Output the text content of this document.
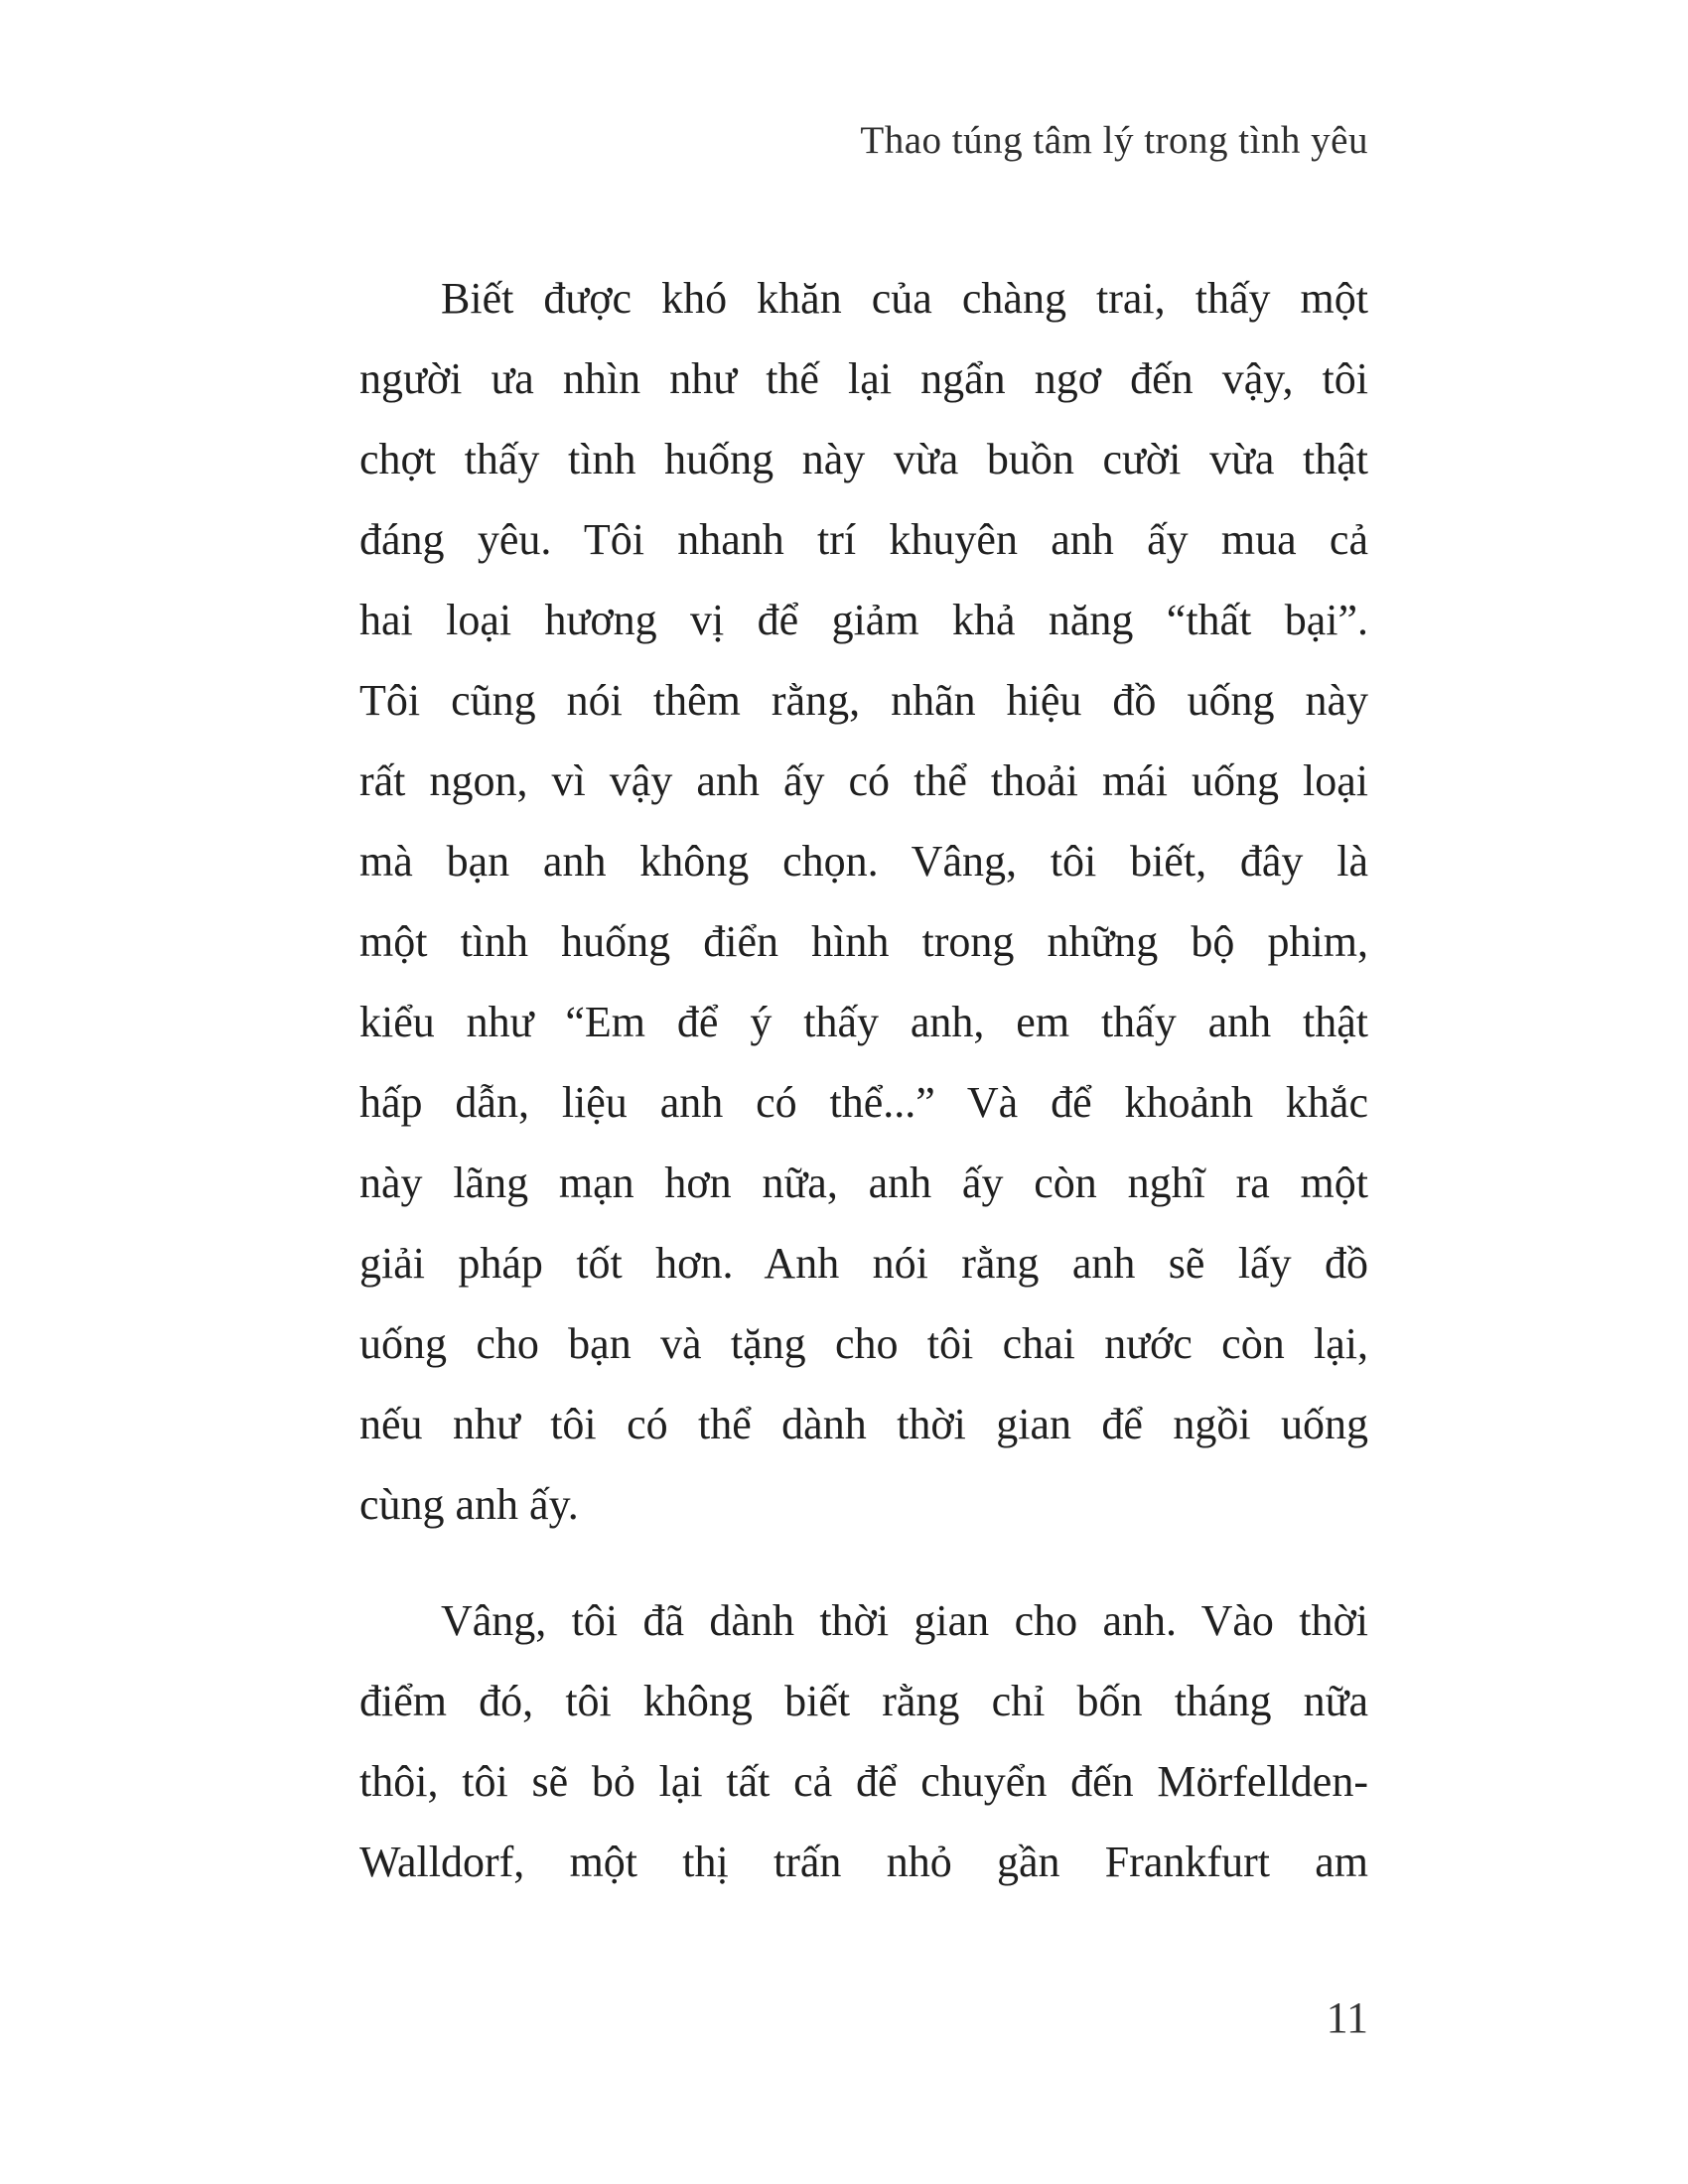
Thao túng tâm lý trong tình yêu
Biết được khó khăn của chàng trai, thấy một
người ưa nhìn như thế lại ngẩn ngơ đến vậy, tôi
chợt thấy tình huống này vừa buồn cười vừa thật
đáng yêu. Tôi nhanh trí khuyên anh ấy mua cả
hai loại hương vị để giảm khả năng “thất bại”.
Tôi cũng nói thêm rằng, nhãn hiệu đồ uống này
rất ngon, vì vậy anh ấy có thể thoải mái uống loại
mà bạn anh không chọn. Vâng, tôi biết, đây là
một tình huống điển hình trong những bộ phim,
kiểu như “Em để ý thấy anh, em thấy anh thật
hấp dẫn, liệu anh có thể...” Và để khoảnh khắc
này lãng mạn hơn nữa, anh ấy còn nghĩ ra một
giải pháp tốt hơn. Anh nói rằng anh sẽ lấy đồ
uống cho bạn và tặng cho tôi chai nước còn lại,
nếu như tôi có thể dành thời gian để ngồi uống
cùng anh ấy.
Vâng, tôi đã dành thời gian cho anh. Vào thời
điểm đó, tôi không biết rằng chỉ bốn tháng nữa
thôi, tôi sẽ bỏ lại tất cả để chuyển đến Mörfellden-
Walldorf, một thị trấn nhỏ gần Frankfurt am
11
